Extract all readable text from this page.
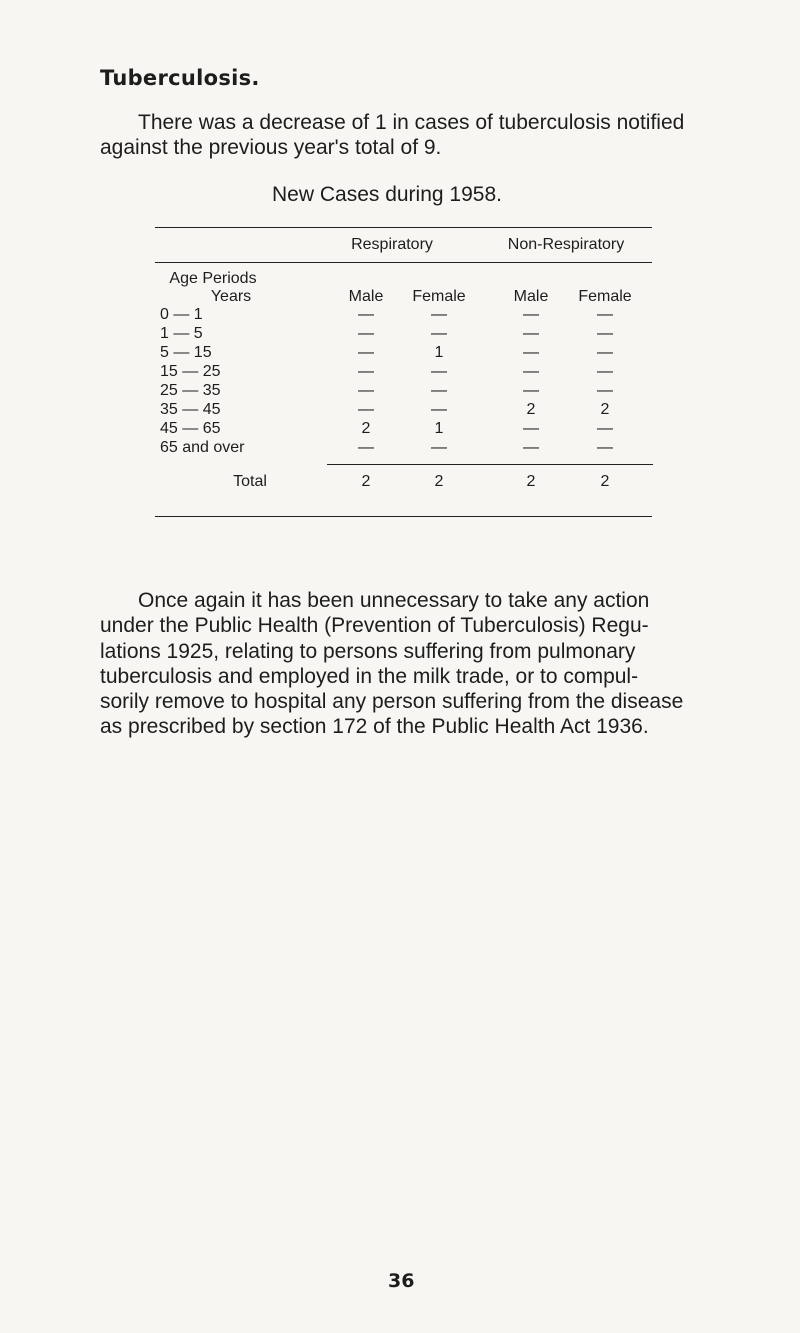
Tuberculosis.
There was a decrease of 1 in cases of tuberculosis notified
against the previous year's total of 9.
New Cases during 1958.
Respiratory	Non-Respiratory
Age Periods
Years	Male Female	Male Female
0 — 1	—	—	—	—
1 — 5	—	—	—	—
5 — 15	—	1	—	—
15 — 25	—	—	—	—
25 — 35	—	—	—	—
35 — 45	—	—	2	2
45 — 65	2	1	—	—
65 and over	—	—	—	—
Total	2	2	2	2
Once again it has been unnecessary to take any action
under the Public Health (Prevention of Tuberculosis) Regu-
lations 1925, relating to persons suffering from pulmonary
tuberculosis and employed in the milk trade, or to compul-
sorily remove to hospital any person suffering from the disease
as prescribed by section 172 of the Public Health Act 1936.
36
